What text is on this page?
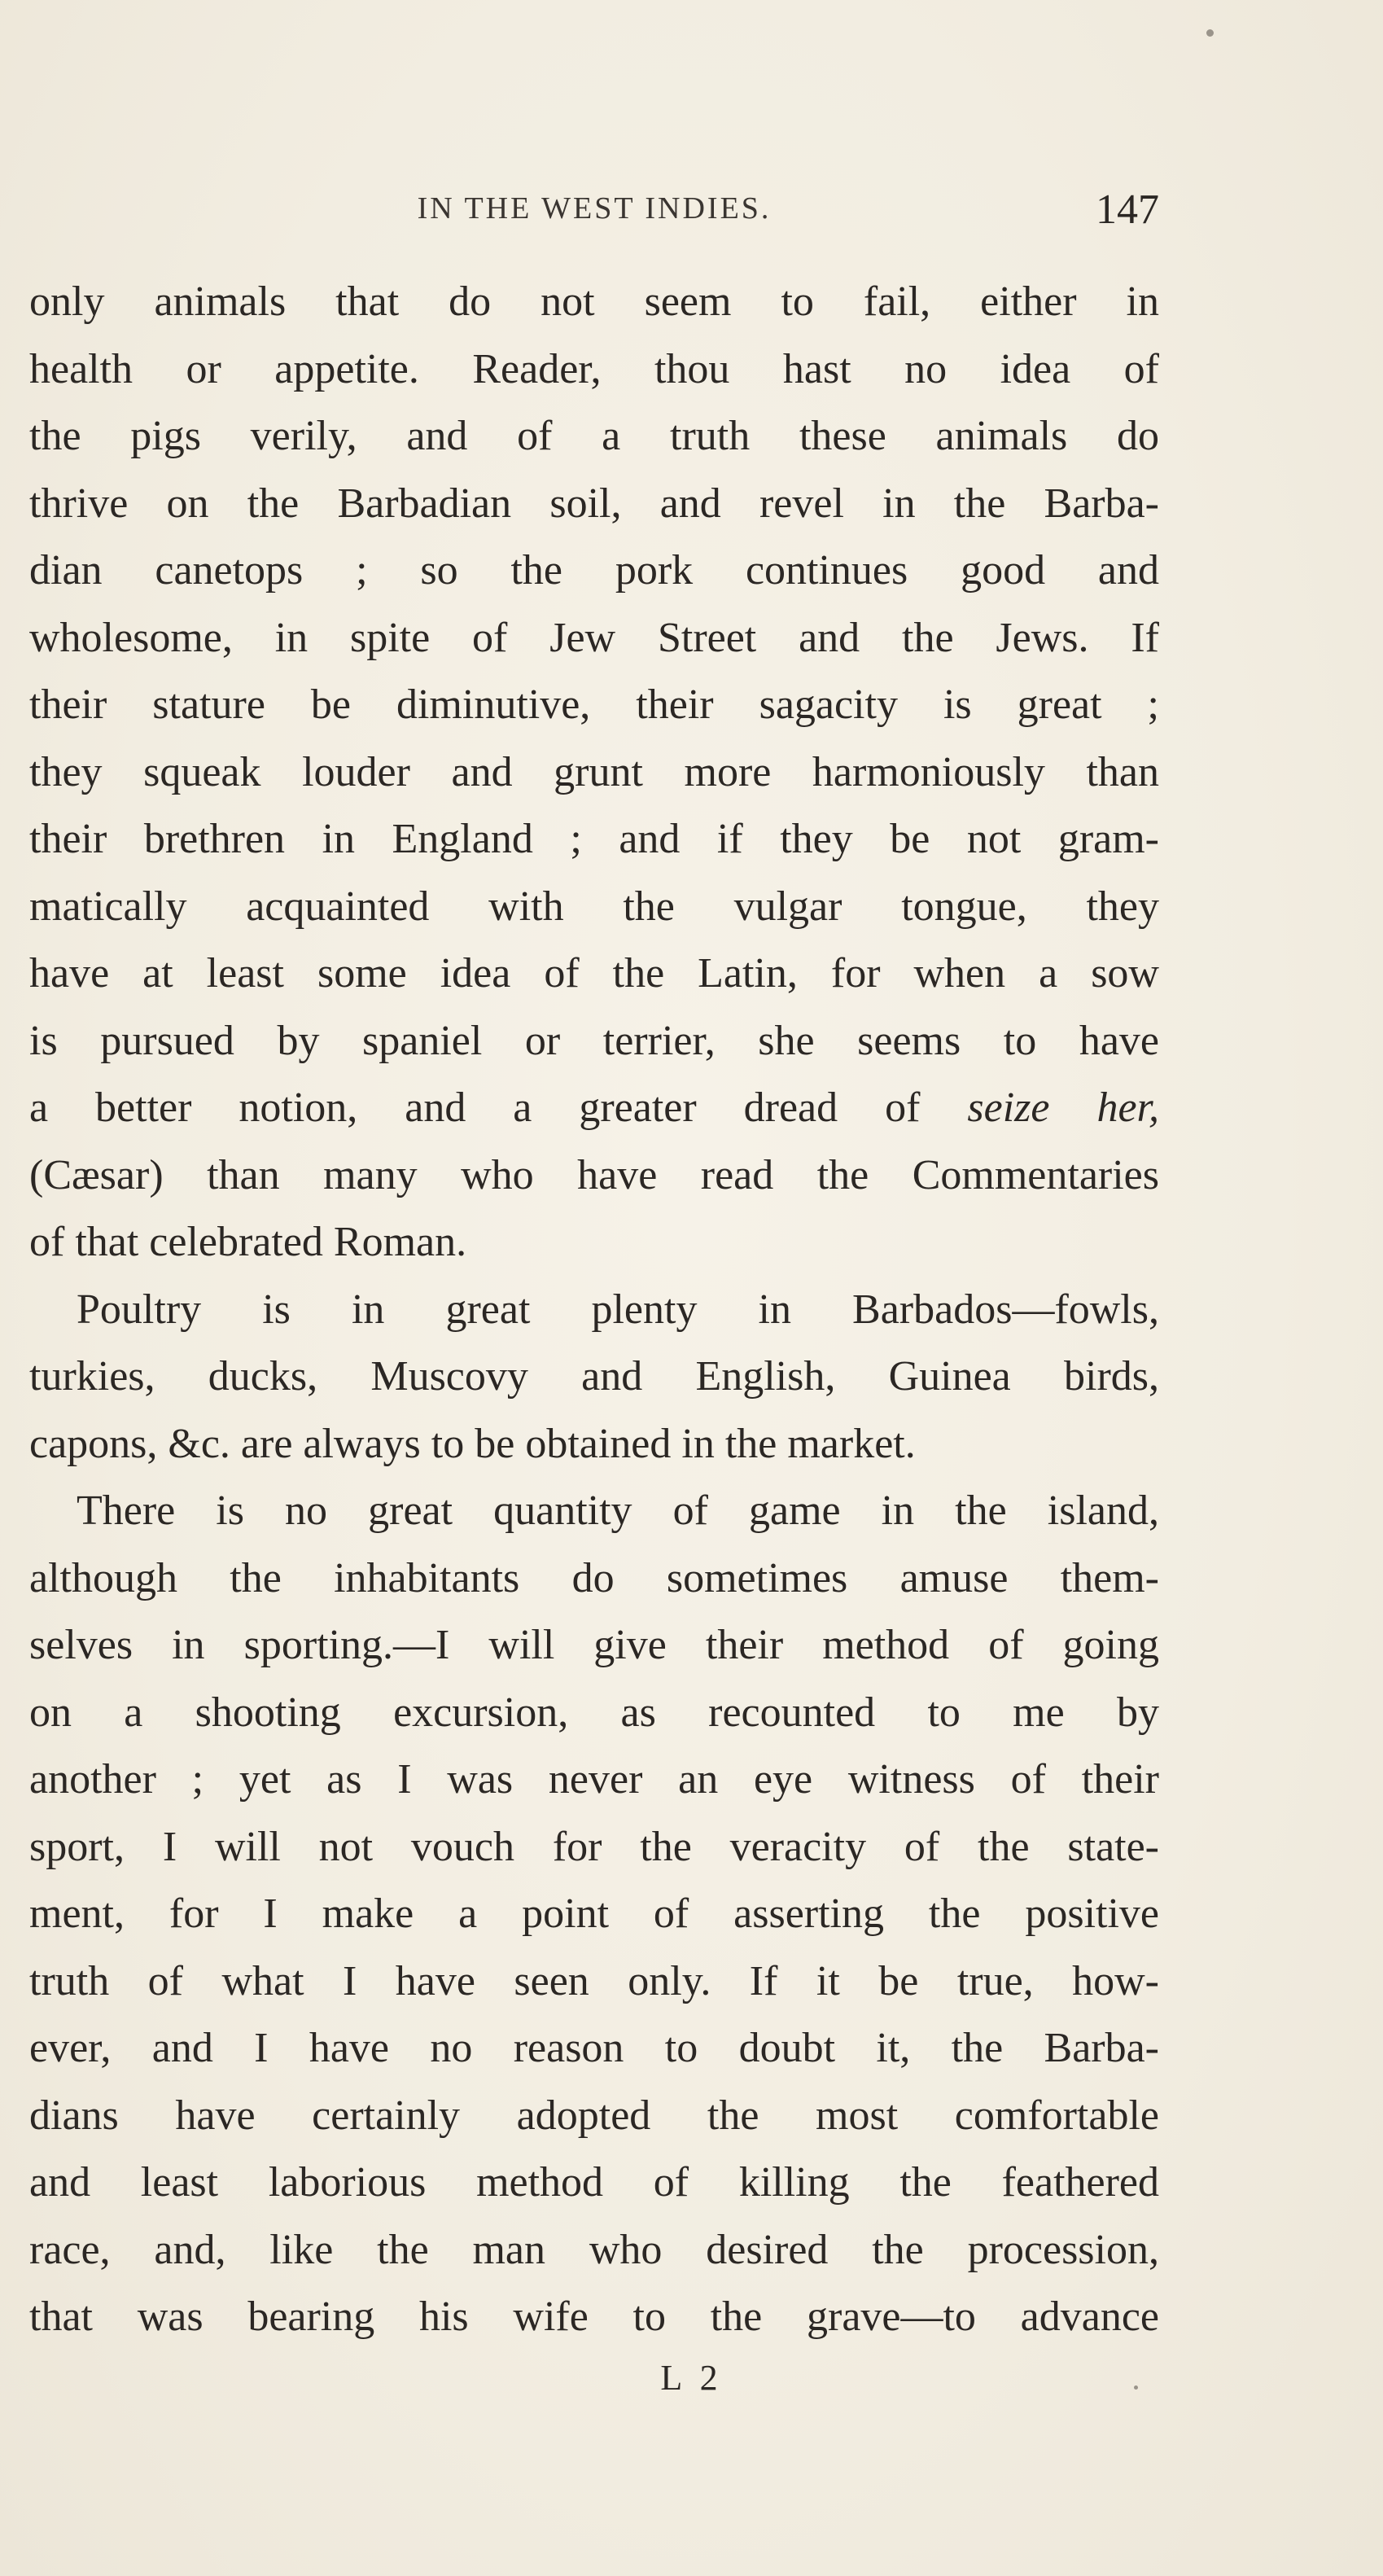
IN THE WEST INDIES.	147
only animals that do not seem to fail, either in
health or appetite. Reader, thou hast no idea of
the pigs verily, and of a truth these animals do
thrive on the Barbadian soil, and revel in the Barba-
dian canetops ; so the pork continues good and
wholesome, in spite of Jew Street and the Jews. If
their stature be diminutive, their sagacity is great ;
they squeak louder and grunt more harmoniously than
their brethren in England ; and if they be not gram-
matically acquainted with the vulgar tongue, they
have at least some idea of the Latin, for when a sow
is pursued by spaniel or terrier, she seems to have
a better notion, and a greater dread of seize her,
(Cæsar) than many who have read the Commentaries
of that celebrated Roman.
Poultry is in great plenty in Barbados—fowls,
turkies, ducks, Muscovy and English, Guinea birds,
capons, &c. are always to be obtained in the market.
There is no great quantity of game in the island,
although the inhabitants do sometimes amuse them-
selves in sporting.—I will give their method of going
on a shooting excursion, as recounted to me by
another ; yet as I was never an eye witness of their
sport, I will not vouch for the veracity of the state-
ment, for I make a point of asserting the positive
truth of what I have seen only. If it be true, how-
ever, and I have no reason to doubt it, the Barba-
dians have certainly adopted the most comfortable
and least laborious method of killing the feathered
race, and, like the man who desired the procession,
that was bearing his wife to the grave—to advance
L 2
